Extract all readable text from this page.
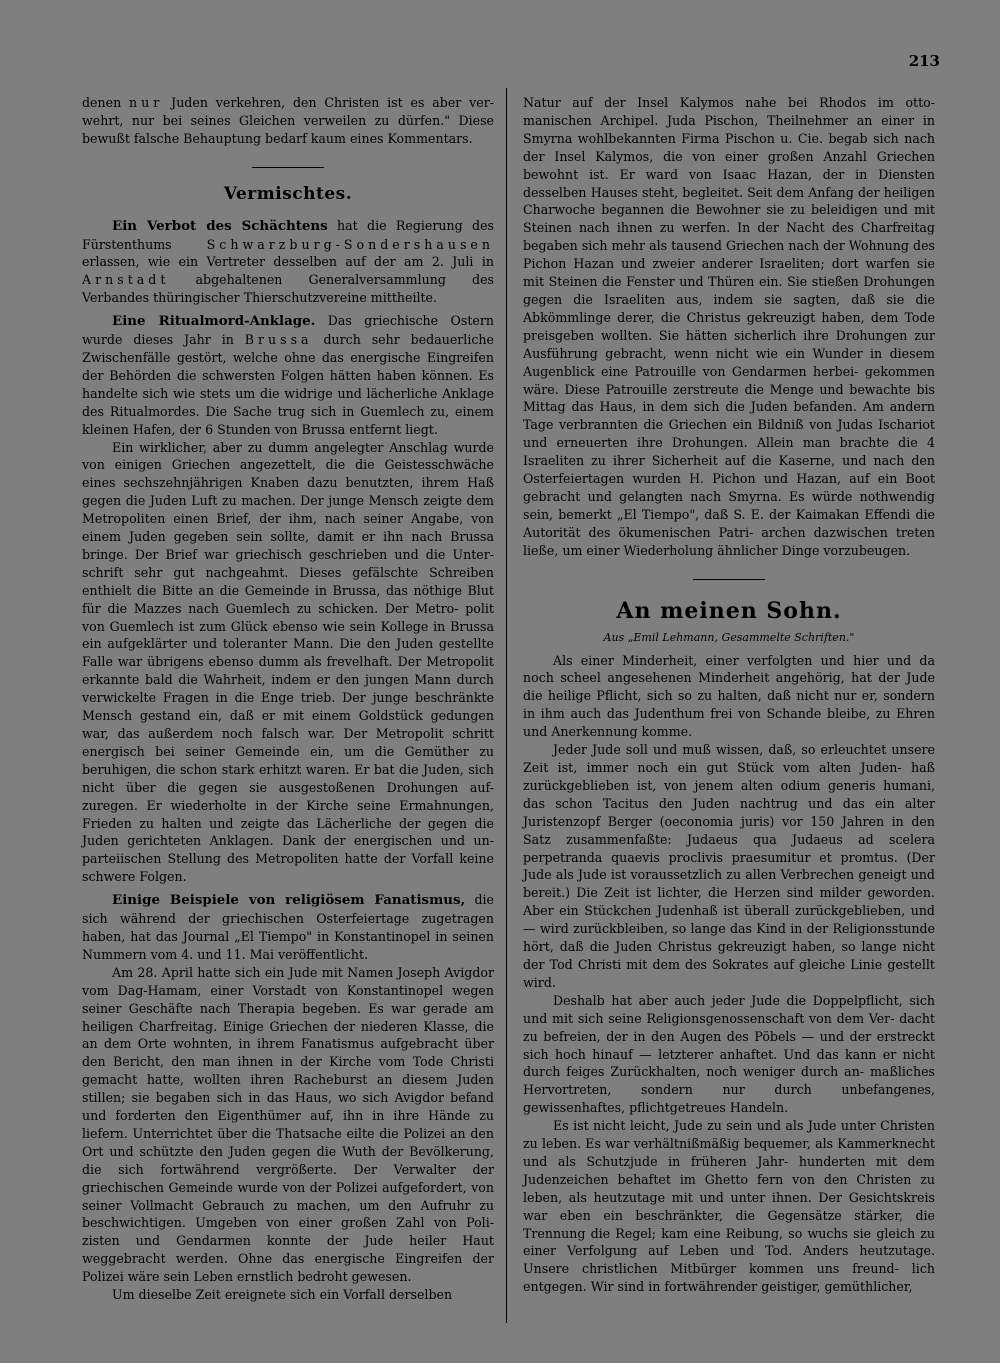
213

denen nur Juden verkehren, den Christen ist es aber ver- wehrt, nur bei seines Gleichen verweilen zu dürfen." Diese bewußt falsche Behauptung bedarf kaum eines Kommentars.

Vermischtes.

Ein Verbot des Schächtens hat die Regierung des Fürstenthums	Schwarzburg-Sondershausen erlassen, wie ein Vertreter desselben auf der am 2. Juli in Arnstadt abgehaltenen Generalversammlung des Verbandes thüringischer Thierschutzvereine mittheilte.

Eine Ritualmord-Anklage. Das griechische Ostern wurde dieses Jahr in Brussa durch sehr bedauerliche Zwischenfälle gestört, welche ohne das energische Eingreifen der Behörden die schwersten Folgen hätten haben können. Es handelte sich wie stets um die widrige und lächerliche Anklage des Ritualmordes. Die Sache trug sich in Guemlech zu, einem kleinen Hafen, der 6 Stunden von Brussa entfernt liegt.

Ein wirklicher, aber zu dumm angelegter Anschlag wurde von einigen Griechen angezettelt, die die Geistesschwäche eines sechszehnjährigen Knaben dazu benutzten, ihrem Haß gegen die Juden Luft zu machen. Der junge Mensch zeigte dem Metropoliten einen Brief, der ihm, nach seiner Angabe, von einem Juden gegeben sein sollte, damit er ihn nach Brussa bringe. Der Brief war griechisch geschrieben und die Unter- schrift sehr gut nachgeahmt. Dieses gefälschte Schreiben enthielt die Bitte an die Gemeinde in Brussa, das nöthige Blut für die Mazzes nach Guemlech zu schicken. Der Metro- polit von Guemlech ist zum Glück ebenso wie sein Kollege in Brussa ein aufgeklärter und toleranter Mann. Die den Juden gestellte Falle war übrigens ebenso dumm als frevelhaft. Der Metropolit erkannte bald die Wahrheit, indem er den jungen Mann durch verwickelte Fragen in die Enge trieb. Der junge beschränkte Mensch gestand ein, daß er mit einem Goldstück gedungen war, das außerdem noch falsch war. Der Metropolit schritt energisch bei seiner Gemeinde ein, um die Gemüther zu beruhigen, die schon stark erhitzt waren. Er bat die Juden, sich nicht über die gegen sie ausgestoßenen Drohungen auf- zuregen. Er wiederholte in der Kirche seine Ermahnungen, Frieden zu halten und zeigte das Lächerliche der gegen die Juden gerichteten Anklagen. Dank der energischen und un- parteiischen Stellung des Metropoliten hatte der Vorfall keine schwere Folgen.

Einige Beispiele von religiösem Fanatismus, die sich während der griechischen Osterfeiertage zugetragen haben, hat das Journal „El Tiempo" in Konstantinopel in seinen Nummern vom 4. und 11. Mai veröffentlicht.

Am 28. April hatte sich ein Jude mit Namen Joseph Avigdor vom Dag-Hamam, einer Vorstadt von Konstantinopel wegen seiner Geschäfte nach Therapia begeben. Es war gerade am heiligen Charfreitag. Einige Griechen der niederen Klasse, die an dem Orte wohnten, in ihrem Fanatismus aufgebracht über den Bericht, den man ihnen in der Kirche vom Tode Christi gemacht hatte, wollten ihren Racheburst an diesem Juden stillen; sie begaben sich in das Haus, wo sich Avigdor befand und forderten den Eigenthümer auf, ihn in ihre Hände zu liefern. Unterrichtet über die Thatsache eilte die Polizei an den Ort und schützte den Juden gegen die Wuth der Bevölkerung, die sich fortwährend vergrößerte. Der Verwalter der griechischen Gemeinde wurde von der Polizei aufgefordert, von seiner Vollmacht Gebrauch zu machen, um den Aufruhr zu beschwichtigen. Umgeben von einer großen Zahl von Poli- zisten und Gendarmen konnte der Jude heiler Haut weggebracht werden. Ohne das energische Eingreifen der Polizei wäre sein Leben ernstlich bedroht gewesen.

Um dieselbe Zeit ereignete sich ein Vorfall derselben

Natur auf der Insel Kalymos nahe bei Rhodos im otto- manischen Archipel. Juda Pischon, Theilnehmer an einer in Smyrna wohlbekannten Firma Pischon u. Cie. begab sich nach der Insel Kalymos, die von einer großen Anzahl Griechen bewohnt ist. Er ward von Isaac Hazan, der in Diensten desselben Hauses steht, begleitet. Seit dem Anfang der heiligen Charwoche begannen die Bewohner sie zu beleidigen und mit Steinen nach ihnen zu werfen. In der Nacht des Charfreitag begaben sich mehr als tausend Griechen nach der Wohnung des Pichon Hazan und zweier anderer Israeliten; dort warfen sie mit Steinen die Fenster und Thüren ein. Sie stießen Drohungen gegen die Israeliten aus, indem sie sagten, daß sie die Abkömmlinge derer, die Christus gekreuzigt haben, dem Tode preisgeben wollten. Sie hätten sicherlich ihre Drohungen zur Ausführung gebracht, wenn nicht wie ein Wunder in diesem Augenblick eine Patrouille von Gendarmen herbei- gekommen wäre. Diese Patrouille zerstreute die Menge und bewachte bis Mittag das Haus, in dem sich die Juden befanden. Am andern Tage verbrannten die Griechen ein Bildniß von Judas Ischariot und erneuerten ihre Drohungen. Allein man brachte die 4 Israeliten zu ihrer Sicherheit auf die Kaserne, und nach den Osterfeiertagen wurden H. Pichon und Hazan, auf ein Boot gebracht und gelangten nach Smyrna. Es würde nothwendig sein, bemerkt „El Tiempo", daß S. E. der Kaimakan Effendi die Autorität des ökumenischen Patri- archen dazwischen treten ließe, um einer Wiederholung ähnlicher Dinge vorzubeugen.

An meinen Sohn.
Aus „Emil Lehmann, Gesammelte Schriften."

Als einer Minderheit, einer verfolgten und hier und da noch scheel angesehenen Minderheit angehörig, hat der Jude die heilige Pflicht, sich so zu halten, daß nicht nur er, sondern in ihm auch das Judenthum frei von Schande bleibe, zu Ehren und Anerkennung komme.

Jeder Jude soll und muß wissen, daß, so erleuchtet unsere Zeit ist, immer noch ein gut Stück vom alten Juden- haß zurückgeblieben ist, von jenem alten odium generis humani, das schon Tacitus den Juden nachtrug und das ein alter Juristenzopf Berger (oeconomia juris) vor 150 Jahren in den Satz zusammenfaßte: Judaeus qua Judaeus ad scelera perpetranda quaevis proclivis praesumitur et promtus. (Der Jude als Jude ist voraussetzlich zu allen Verbrechen geneigt und bereit.) Die Zeit ist lichter, die Herzen sind milder geworden. Aber ein Stückchen Judenhaß ist überall zurückgeblieben, und — wird zurückbleiben, so lange das Kind in der Religionsstunde hört, daß die Juden Christus gekreuzigt haben, so lange nicht der Tod Christi mit dem des Sokrates auf gleiche Linie gestellt wird.

Deshalb hat aber auch jeder Jude die Doppelpflicht, sich und mit sich seine Religionsgenossenschaft von dem Ver- dacht zu befreien, der in den Augen des Pöbels — und der erstreckt sich hoch hinauf — letzterer anhaftet. Und das kann er nicht durch feiges Zurückhalten, noch weniger durch an- maßliches Hervortreten, sondern nur durch unbefangenes, gewissenhaftes, pflichtgetreues Handeln.

Es ist nicht leicht, Jude zu sein und als Jude unter Christen zu leben. Es war verhältnißmäßig bequemer, als Kammerknecht und als Schutzjude in früheren Jahr- hunderten mit dem Judenzeichen behaftet im Ghetto fern von den Christen zu leben, als heutzutage mit und unter ihnen. Der Gesichtskreis war eben ein beschränkter, die Gegensätze stärker, die Trennung die Regel; kam eine Reibung, so wuchs sie gleich zu einer Verfolgung auf Leben und Tod. Anders heutzutage. Unsere christlichen Mitbürger kommen uns freund- lich entgegen. Wir sind in fortwährender geistiger, gemüthlicher,
